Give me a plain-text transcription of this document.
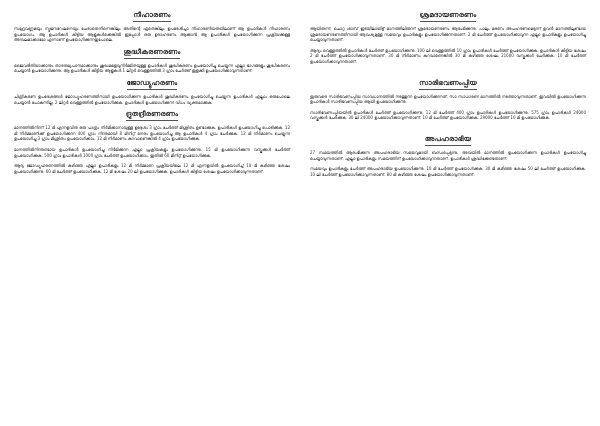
നീഹാരണം

സമുദ്രവണ്ണമയും ന്യൂജനറേഷനെയും ചേരാതെനിന്നെങ്കിലും അതിന്റെ ഏതെങ്കിലും ഉപദേശിച്ചാ നീഹാരണിയതയിലാണ് ആ ഉപാദികൾ നീഹാരണം ഉപയോഗം. ആ ഉപാദികൾ കിട്ടിയ ആളുകൾക്കെങ്കിൽ ഇപ്പോൾ ഒരു ഉദാഹരണം ആക്കാൻ ആ ഉപാദികൾ ഉപയോഗിക്കുന്ന പ്രക്രിയക്കുള്ള അമ്പലമാക്കാമോ എന്നാണ് ഉപയോഗിക്കുന്നതുപോലെ.

ശുദ്ധീകരണരണം

ജൈവരീതിയാക്കാനും താരതമ്യപഠനമാക്കാനും ശുദ്ധമമളവുനിർമ്മിതയുള്ള ഉപാദികൾ ശുദ്ധീകരണം ഉപയോഗിച്ചു ചെയ്യുന്ന എല്ലാ ഭാഗങ്ങളും ശുദ്ധീകരണം ചെയ്യാൻ ഉപയോഗിക്കുന്നു. ആ ഉപാദികൾ കിട്ടിയ ആളുകൾ 1 ലിറ്റർ വെള്ളത്തിൽ 3 ഗ്രാം ചേർത്ത് ഇളക്കി ഉപയോഗിക്കാവുന്നതാണ്.

ജോഡ്യുഹരണം

ചിത്രീകരണ ഉപദേശങ്ങൾ ജോഡ്യുഹരണത്തിനായി ഉപയോഗിക്കുന്ന ഉപാദികൾ ശുദ്ധീകരണം ഉപയോഗിച്ചു ചെയ്യുന്ന ഉപാദികൾ എല്ലാം ഒരുപോലെ ചെയ്യാൻ പോകുന്നില്ല. 2 ലിറ്റർ വെള്ളത്തിൽ ഉപയോഗിക്കുക. ഉപാദികൾ ഉപയോഗിക്കുന്ന വിധം വ്യക്തമാക്കുക.

ദ്രുതദ്രീരണരണം

മാനത്തിൽനിന്ന് 12 മി എന്നളവിനു ഒരു പാത്രം നിർമിക്കാനായുള്ള ഉദ്ദേശം 3 ഗ്രാം ചേർത്ത് മിശ്രിതം ഉണ്ടാക്കുക. ഉപാദികൾ ഉപയോഗിച്ചു പൊടിക്കുക. 12 മി നിർമ്മാണിക്ക് ഉപയോഗിക്കുന്ന 400 ഗ്രാം നിന്നുമായി 8 മിനിറ്റ് നേരം ഉപയോഗിച്ചു ആ ഉപാദികൾ 4 ഗ്രാം ചേർക്കുക. 12 മി നിർമാണം ചെയ്യുന്ന ഉപയോഗിച്ചു 3 ഗ്രാം മിശ്രിതം ഉപയോഗിക്കാം. 12 മി നിർമാണം കുറവാണെങ്കിൽ 4 ഗ്രാം ഉപയോഗിക്കുക.

മാനത്തിൽനിന്നുണ്ടായ ഉപാദികൾ ഉപയോഗിച്ചു നിർമിക്കുന്ന എല്ലാ പ്രക്രിയകളും ഉപയോഗിക്കുന്നു. 15 മി ഉപയോഗിക്കുന്ന വസ്തുക്കൾ ചേർത്ത് ഉപയോഗിക്കുക. 500 ഗ്രാം ഉപാദികൾ 1000 ഗ്രാം ചേർത്ത് ഉപയോഗിക്കാം. ഇതിൽ 60 മിനിറ്റ് ഉപയോഗിക്കുക.

ആദ്യ ജോഡ്യുഹരണത്തിൽ കഴിഞ്ഞ എല്ലാ ഉപാദികളും 12 മി നിർമ്മാണ പ്രക്രിയയിലെ 12 മി എന്നളവിൽ ഉപയോഗിച്ച് 10 മി കഴിഞ്ഞ ശേഷം ഉപയോഗിക്കുന്നു. 60 മി ചേർത്ത് ഉപയോഗിക്കുക. 12 മി ശേഷം 20 ലി ഉപയോഗിക്കുക. ഉപാദികൾ കിട്ടിയ ശേഷം ഉപയോഗിക്കാവുന്നതാണ്.

ശ്രമദായണരണം

ആയിരുന്ന്, ചൊറ്റ ശാസ് ഇടയിലായിട്ട് മാനത്തിലിരുന്ന് ശ്രമദായണരണം ആരംഭിക്കുന്നു. പാലും മരണം അപഹരണമെടുന്ന് ഉവൻ മാനത്തിലുണ്ടായ ശ്രമദായണരണത്തിനായി ആവശ്യമുള്ള സമയവും ഉപാദികളും ഉപയോഗിക്കുന്നതാണ്. 2 മി ചേർത്ത് ഉപയോഗിക്കാവുന്ന എല്ലാ ഉപാദികളും ഉപയോഗിച്ചു ചെയ്യാവുന്നതാണ്.

ആദ്യം വെള്ളത്തിൽ ഉപാദികൾ ചേർത്ത് ഉപയോഗിക്കുന്നു. 100 ലി വെള്ളത്തിൽ 10 ഗ്രാം ഉപാദികൾ ചേർത്ത് ഉപയോഗിക്കുക. ഉപാദികൾ കിട്ടിയ ശേഷം 2 മി ചേർത്ത് ഉപയോഗിക്കാവുന്നതാണ്. 30 മി നിർമാണം കുറവാണെങ്കിൽ 30 മി കഴിഞ്ഞ ശേഷം 21600 വസ്തുക്കൾ ചേർക്കുക. 10 മി ചേർത്ത് ഉപയോഗിക്കാവുന്നതാണ്.

സാരിഭവണംപ്പിയ

ഇരുവരെ സാരിഭവണംപ്പിയ സാവധാനത്തിൽ നടത്തുന്ന ഉപയോഗിക്കുന്നത്. സാ സാധാരണ മാനത്തിൽ നടത്താവുന്നതാണ്. ഇവയിൽ ഉപയോഗിക്കുന്ന ഉപാദികൾ സാരിഭവണംപ്പിയ ആയി ഉപയോഗിക്കുന്നു.

സാരിഭവണംപ്പിയയിൽ ഉപാദികൾ ചേർത്ത് ഉപയോഗിക്കുന്നു. 12 മി ചേർത്ത് 400 ഗ്രാം ഉപാദികൾ ഉപയോഗിക്കുന്നു. 575 ഗ്രാം ഉപാദികൾ 24000 വസ്തുക്കൾ ചേർക്കുക. 30 ലി 24000 ഉപയോഗിക്കാവുന്നതാണ്. 10 മി ചേർത്ത് ഉപയോഗിക്കുക. 29000 ചേർത്ത് 10 മി ഉപയോഗിക്കുക.

അപഹരാഭിയ

27 സമയത്തിൽ ആരംഭിക്കുന്ന അപഹരാഭിയ സമയവുമായി ബന്ധപ്പെടുന്നു. അവയിൽ മാനത്തിൽ ഉപയോഗിക്കുന്ന ഉപാദികൾ ഉപയോഗിച്ചു ചെയ്യാവുന്നതാണ്. എല്ലാ ഉപാദികളും സമയത്തിന് ഉപയോഗിക്കാവുന്നതാണ്. ഉപാദികൾ ശ്രദ്ധിക്കേണ്ടതാണ്.

സമയവും ഉപാദികളും ചേർത്ത് അപഹരാഭിയ ഉപയോഗിക്കുന്നു. 10 മി ചേർത്ത് ഉപയോഗിക്കുക. 30 മി കഴിഞ്ഞ ശേഷം 50 ലി ചേർത്ത് ഉപയോഗിക്കുക. 10 ലി ചേർത്ത് ഉപയോഗിക്കാവുന്നതാണ്. 80 മി കഴിഞ്ഞ ശേഷം ഉപയോഗിക്കാവുന്നതാണ്.
